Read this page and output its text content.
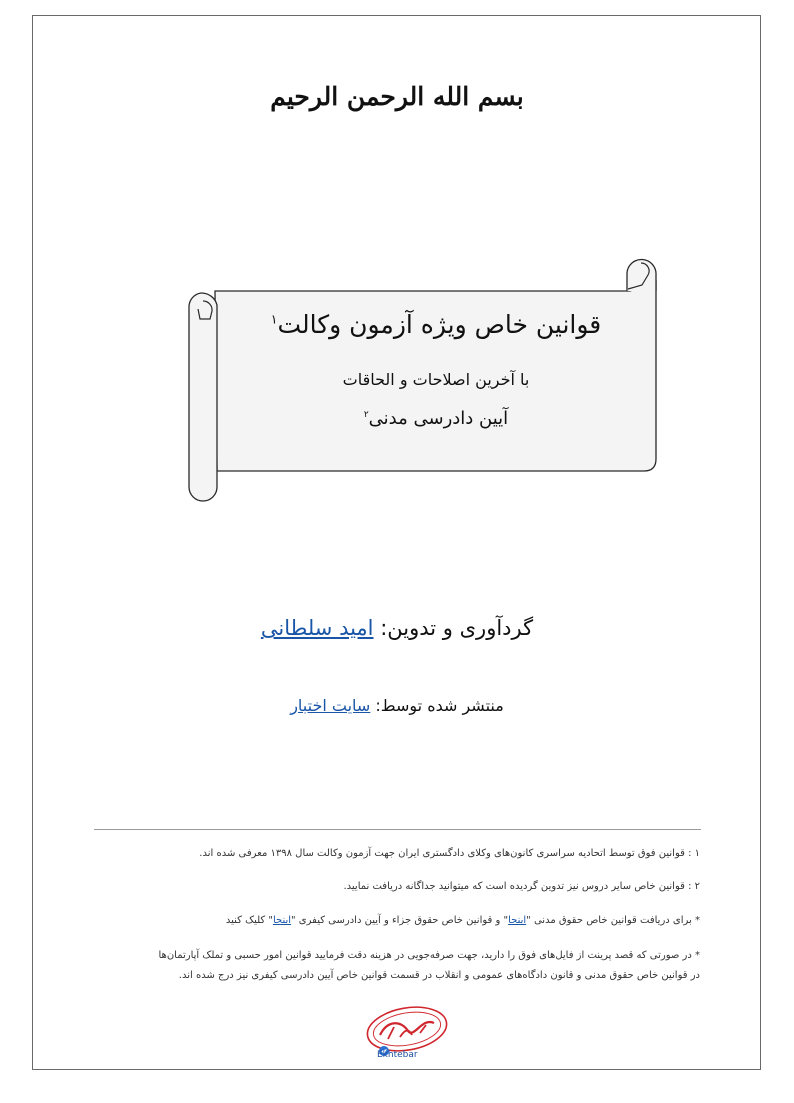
بسم الله الرحمن الرحیم
قوانین خاص ویژه آزمون وکالت$^۱$
با آخرین اصلاحات و الحاقات
آیین دادرسی مدنی$^۲$
گردآوری و تدوین: امید سلطانی
منتشر شده توسط: سایت اختبار
۱ : قوانین فوق توسط اتحادیه سراسری کانون‌های وکلای دادگستری ایران جهت آزمون وکالت سال ۱۳۹۸ معرفی شده اند.
۲ : قوانین خاص سایر دروس نیز تدوین گردیده است که میتوانید جداگانه دریافت نمایید.
* برای دریافت قوانین خاص حقوق مدنی "اینجا" و قوانین خاص حقوق جزاء و آیین دادرسی کیفری "اینجا" کلیک کنید
* در صورتی که قصد پرینت از فایل‌های فوق را دارید، جهت صرفه‌جویی در هزینه دقت فرمایید قوانین امور حسبی و تملک آپارتمان‌ها
در قوانین خاص حقوق مدنی و قانون دادگاه‌های عمومی و انقلاب در قسمت قوانین خاص آیین دادرسی کیفری نیز درج شده اند.
Ekhtebar
